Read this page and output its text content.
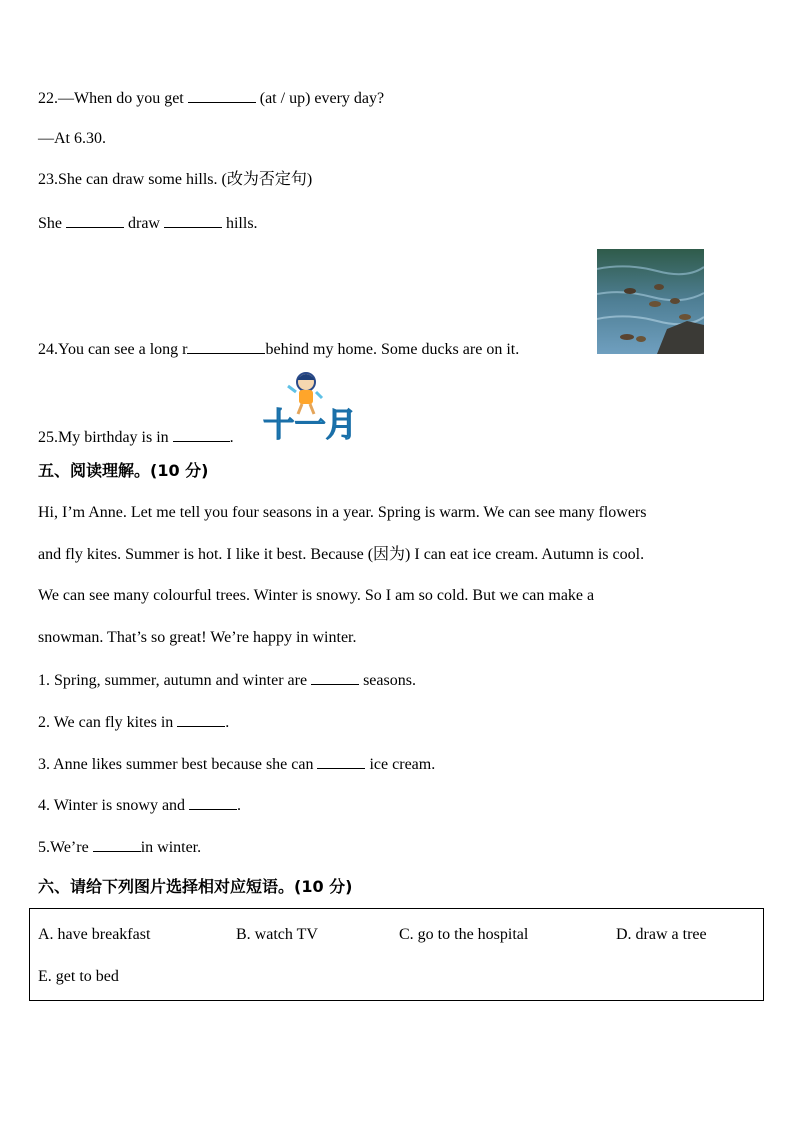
22.—When do you get	(at / up) every day?
—At 6.30.
23.She can draw some hills. (改为否定句)
She	draw	hills.
24.You can see a long r	behind my home. Some ducks are on it.
25.My birthday is in	. 十一月
五、阅读理解。(10 分)
Hi, I’m Anne. Let me tell you four seasons in a year. Spring is warm. We can see many flowers
and fly kites. Summer is hot. I like it best. Because (因为) I can eat ice cream. Autumn is cool.
We can see many colourful trees. Winter is snowy. So I am so cold. But we can make a
snowman. That’s so great! We’re happy in winter.
1. Spring, summer, autumn and winter are	seasons.
2. We can fly kites in	.
3. Anne likes summer best because she can	ice cream.
4. Winter is snowy and	.
5.We’re	in winter.
六、请给下列图片选择相对应短语。(10 分)
A. have breakfast	B. watch TV	C. go to the hospital	D. draw a tree
E. get to bed
